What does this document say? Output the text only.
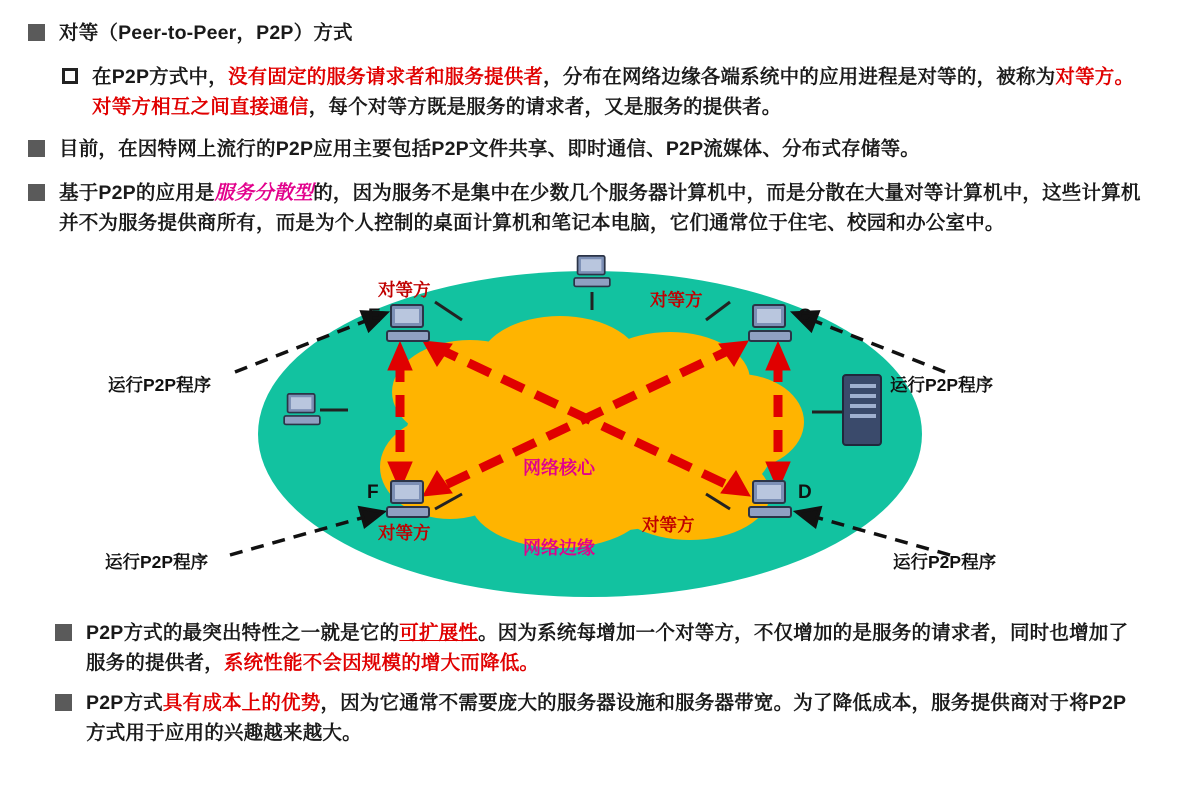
对等（Peer-to-Peer，P2P）方式
在P2P方式中，没有固定的服务请求者和服务提供者，分布在网络边缘各端系统中的应用进程是对等的，被称为对等方。对等方相互之间直接通信，每个对等方既是服务的请求者，又是服务的提供者。
目前，在因特网上流行的P2P应用主要包括P2P文件共享、即时通信、P2P流媒体、分布式存储等。
基于P2P的应用是服务分散型的，因为服务不是集中在少数几个服务器计算机中，而是分散在大量对等计算机中，这些计算机并不为服务提供商所有，而是为个人控制的桌面计算机和笔记本电脑，它们通常位于住宅、校园和办公室中。
E	C
F	D
对等方	对等方
对等方	对等方
运行P2P程序	运行P2P程序
运行P2P程序	运行P2P程序
网络核心
网络边缘
P2P方式的最突出特性之一就是它的可扩展性。因为系统每增加一个对等方，不仅增加的是服务的请求者，同时也增加了服务的提供者，系统性能不会因规模的增大而降低。
P2P方式具有成本上的优势，因为它通常不需要庞大的服务器设施和服务器带宽。为了降低成本，服务提供商对于将P2P方式用于应用的兴趣越来越大。
